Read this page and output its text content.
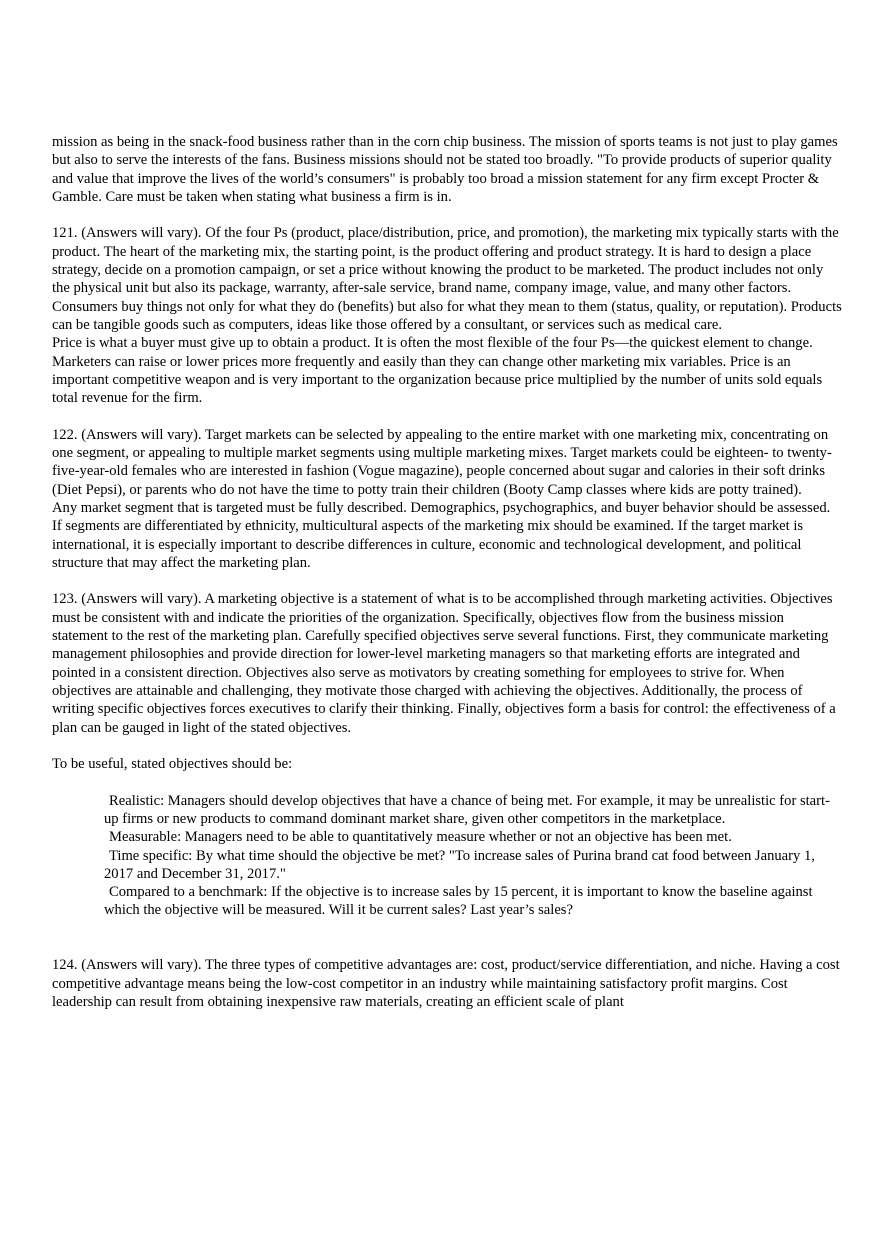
mission as being in the snack-food business rather than in the corn chip business. The mission of sports teams is not just to play games but also to serve the interests of the fans. Business missions should not be stated too broadly. "To provide products of superior quality and value that improve the lives of the world’s consumers" is probably too broad a mission statement for any firm except Procter & Gamble. Care must be taken when stating what business a firm is in.

121. (Answers will vary). Of the four Ps (product, place/distribution, price, and promotion), the marketing mix typically starts with the product. The heart of the marketing mix, the starting point, is the product offering and product strategy. It is hard to design a place strategy, decide on a promotion campaign, or set a price without knowing the product to be marketed. The product includes not only the physical unit but also its package, warranty, after-sale service, brand name, company image, value, and many other factors. Consumers buy things not only for what they do (benefits) but also for what they mean to them (status, quality, or reputation). Products can be tangible goods such as computers, ideas like those offered by a consultant, or services such as medical care.

Price is what a buyer must give up to obtain a product. It is often the most flexible of the four Ps—the quickest element to change. Marketers can raise or lower prices more frequently and easily than they can change other marketing mix variables. Price is an important competitive weapon and is very important to the organization because price multiplied by the number of units sold equals total revenue for the firm.

122. (Answers will vary). Target markets can be selected by appealing to the entire market with one marketing mix, concentrating on one segment, or appealing to multiple market segments using multiple marketing mixes. Target markets could be eighteen- to twenty-five-year-old females who are interested in fashion (Vogue magazine), people concerned about sugar and calories in their soft drinks (Diet Pepsi), or parents who do not have the time to potty train their children (Booty Camp classes where kids are potty trained).

Any market segment that is targeted must be fully described. Demographics, psychographics, and buyer behavior should be assessed. If segments are differentiated by ethnicity, multicultural aspects of the marketing mix should be examined. If the target market is international, it is especially important to describe differences in culture, economic and technological development, and political structure that may affect the marketing plan.

123. (Answers will vary). A marketing objective is a statement of what is to be accomplished through marketing activities. Objectives must be consistent with and indicate the priorities of the organization. Specifically, objectives flow from the business mission statement to the rest of the marketing plan. Carefully specified objectives serve several functions. First, they communicate marketing management philosophies and provide direction for lower-level marketing managers so that marketing efforts are integrated and pointed in a consistent direction. Objectives also serve as motivators by creating something for employees to strive for. When objectives are attainable and challenging, they motivate those charged with achieving the objectives. Additionally, the process of writing specific objectives forces executives to clarify their thinking. Finally, objectives form a basis for control: the effectiveness of a plan can be gauged in light of the stated objectives.

To be useful, stated objectives should be:

Realistic: Managers should develop objectives that have a chance of being met. For example, it may be unrealistic for start-up firms or new products to command dominant market share, given other competitors in the marketplace.

Measurable: Managers need to be able to quantitatively measure whether or not an objective has been met.

Time specific: By what time should the objective be met? "To increase sales of Purina brand cat food between January 1, 2017 and December 31, 2017."

Compared to a benchmark: If the objective is to increase sales by 15 percent, it is important to know the baseline against which the objective will be measured. Will it be current sales? Last year’s sales?

124. (Answers will vary). The three types of competitive advantages are: cost, product/service differentiation, and niche. Having a cost competitive advantage means being the low-cost competitor in an industry while maintaining satisfactory profit margins. Cost leadership can result from obtaining inexpensive raw materials, creating an efficient scale of plant
